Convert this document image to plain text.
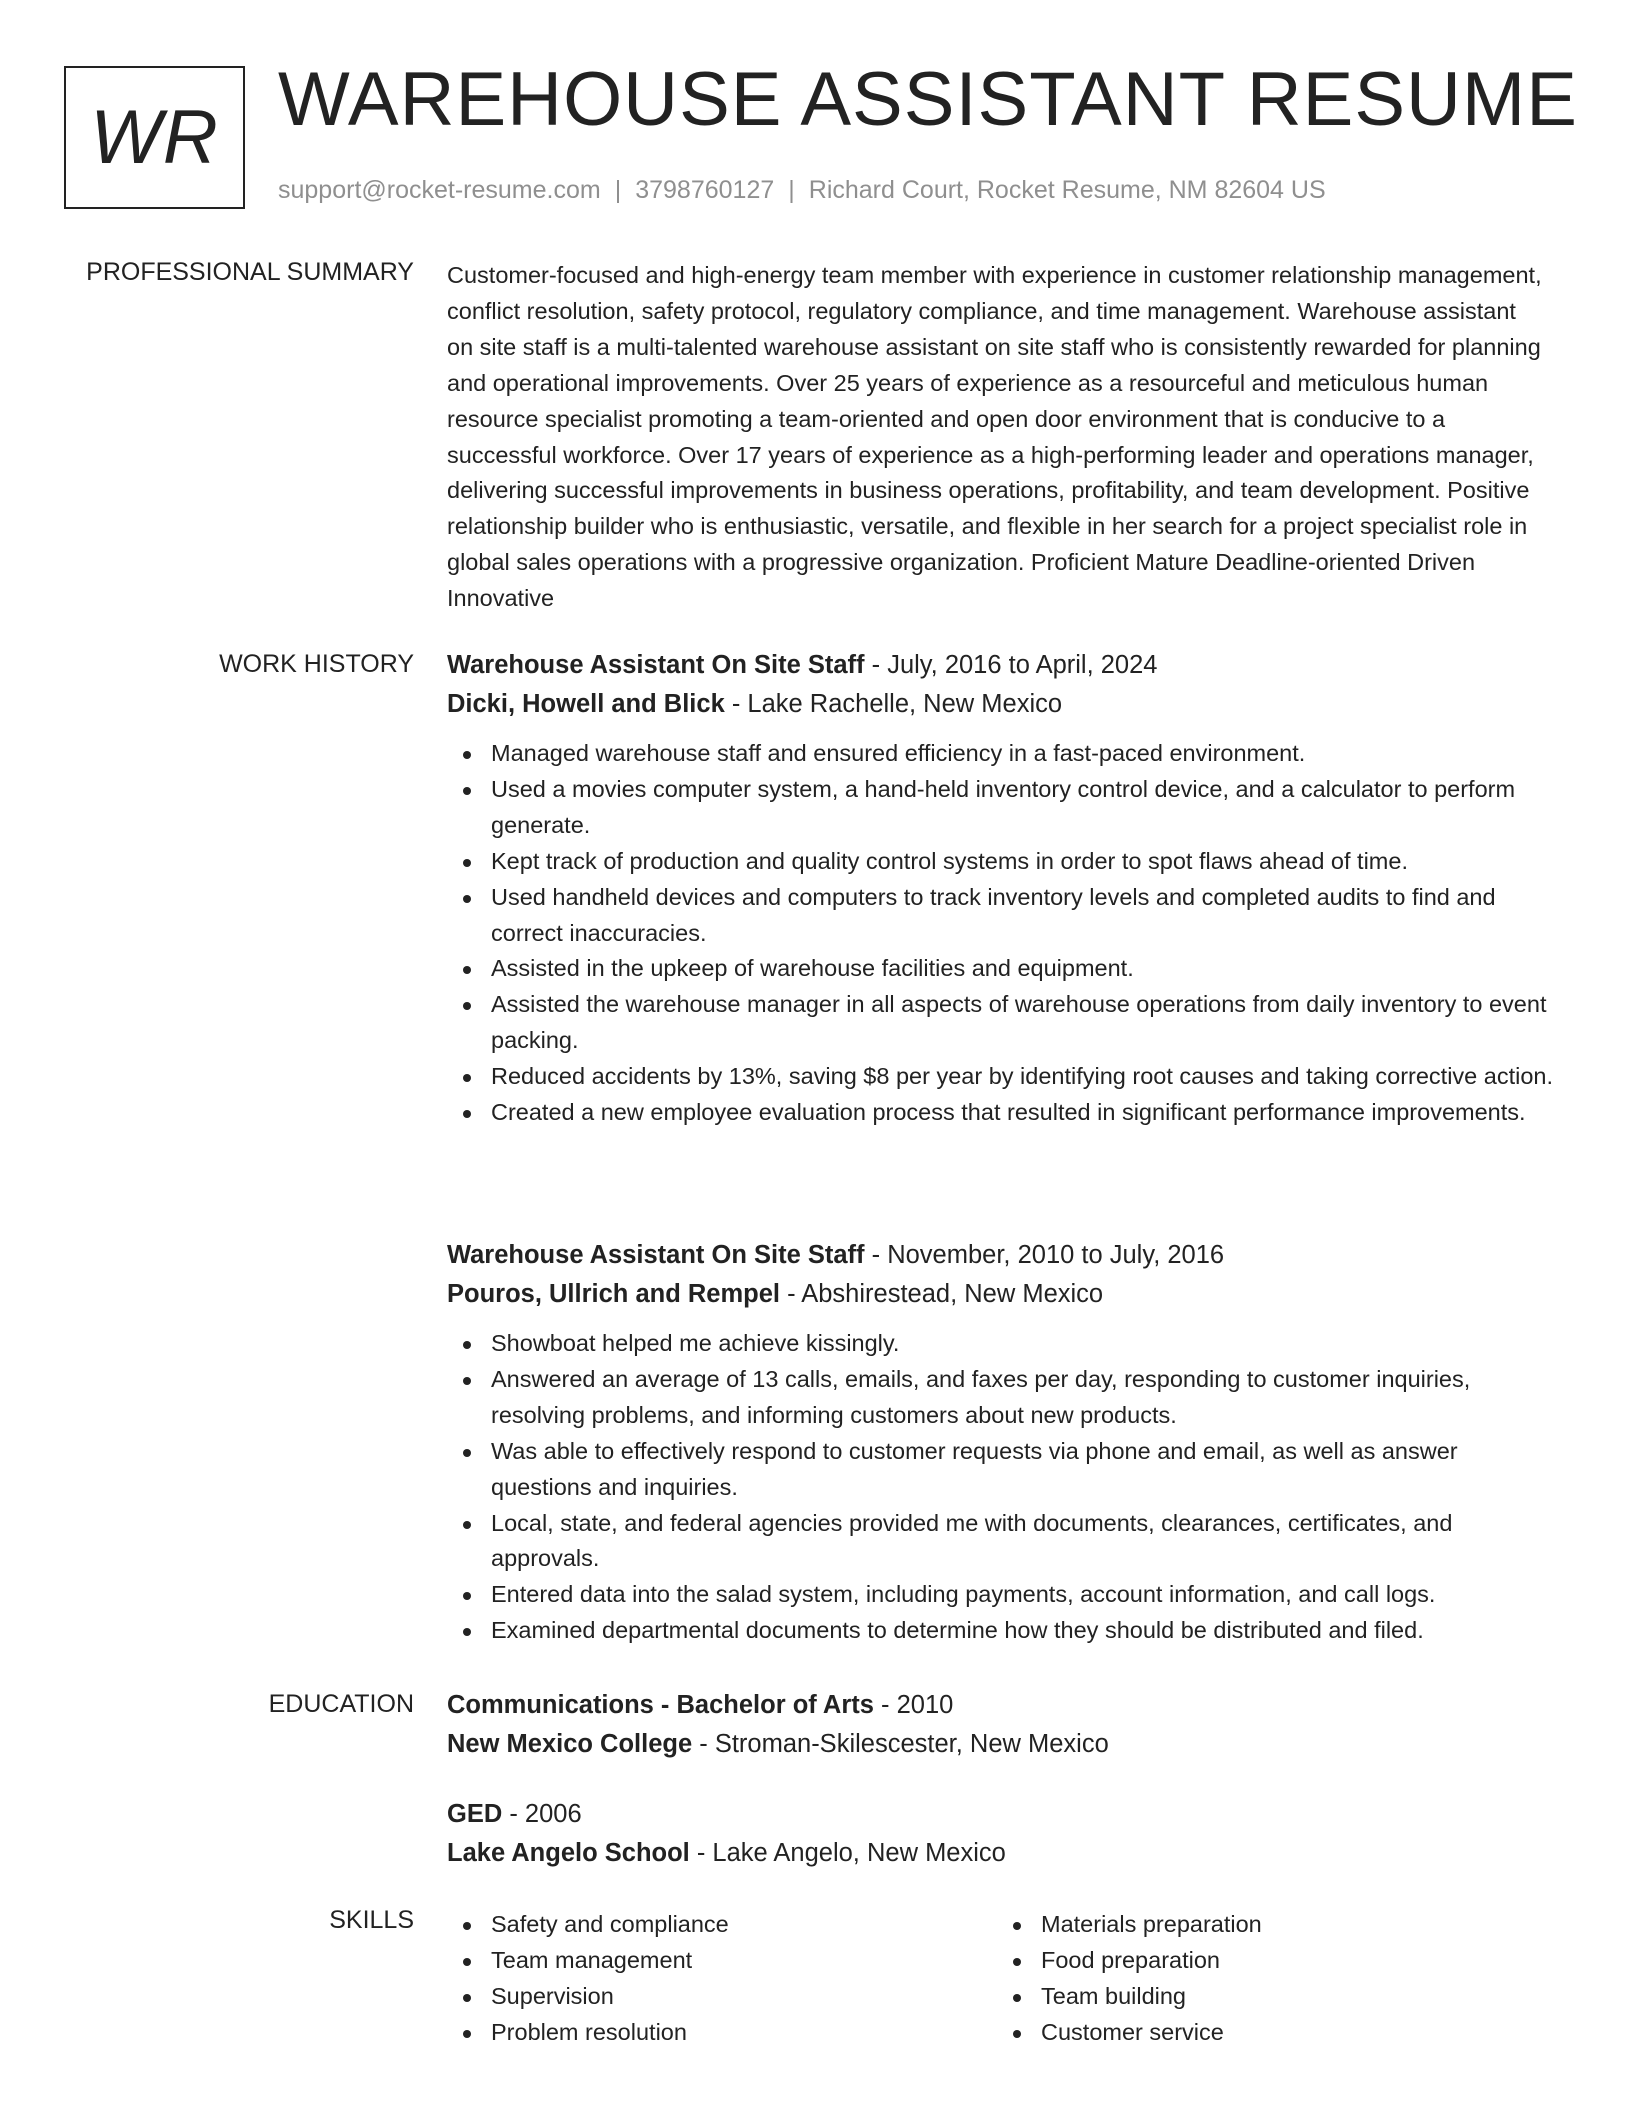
WR WAREHOUSE ASSISTANT RESUME
support@rocket-resume.com | 3798760127 | Richard Court, Rocket Resume, NM 82604 US
PROFESSIONAL SUMMARY Customer-focused and high-energy team member with experience in customer relationship management, conflict resolution, safety protocol, regulatory compliance, and time management. Warehouse assistant on site staff is a multi-talented warehouse assistant on site staff who is consistently rewarded for planning and operational improvements. Over 25 years of experience as a resourceful and meticulous human resource specialist promoting a team-oriented and open door environment that is conducive to a successful workforce. Over 17 years of experience as a high-performing leader and operations manager, delivering successful improvements in business operations, profitability, and team development. Positive relationship builder who is enthusiastic, versatile, and flexible in her search for a project specialist role in global sales operations with a progressive organization. Proficient Mature Deadline-oriented Driven Innovative
WORK HISTORY Warehouse Assistant On Site Staff - July, 2016 to April, 2024
Dicki, Howell and Blick - Lake Rachelle, New Mexico
Managed warehouse staff and ensured efficiency in a fast-paced environment.
Used a movies computer system, a hand-held inventory control device, and a calculator to perform generate.
Kept track of production and quality control systems in order to spot flaws ahead of time.
Used handheld devices and computers to track inventory levels and completed audits to find and correct inaccuracies.
Assisted in the upkeep of warehouse facilities and equipment.
Assisted the warehouse manager in all aspects of warehouse operations from daily inventory to event packing.
Reduced accidents by 13%, saving $8 per year by identifying root causes and taking corrective action.
Created a new employee evaluation process that resulted in significant performance improvements.
Warehouse Assistant On Site Staff - November, 2010 to July, 2016
Pouros, Ullrich and Rempel - Abshirestead, New Mexico
Showboat helped me achieve kissingly.
Answered an average of 13 calls, emails, and faxes per day, responding to customer inquiries, resolving problems, and informing customers about new products.
Was able to effectively respond to customer requests via phone and email, as well as answer questions and inquiries.
Local, state, and federal agencies provided me with documents, clearances, certificates, and approvals.
Entered data into the salad system, including payments, account information, and call logs.
Examined departmental documents to determine how they should be distributed and filed.
EDUCATION Communications - Bachelor of Arts - 2010
New Mexico College - Stroman-Skilescester, New Mexico
GED - 2006
Lake Angelo School - Lake Angelo, New Mexico
SKILLS	Safety and compliance
Team management
Supervision
Problem resolution
Materials preparation
Food preparation
Team building
Customer service
